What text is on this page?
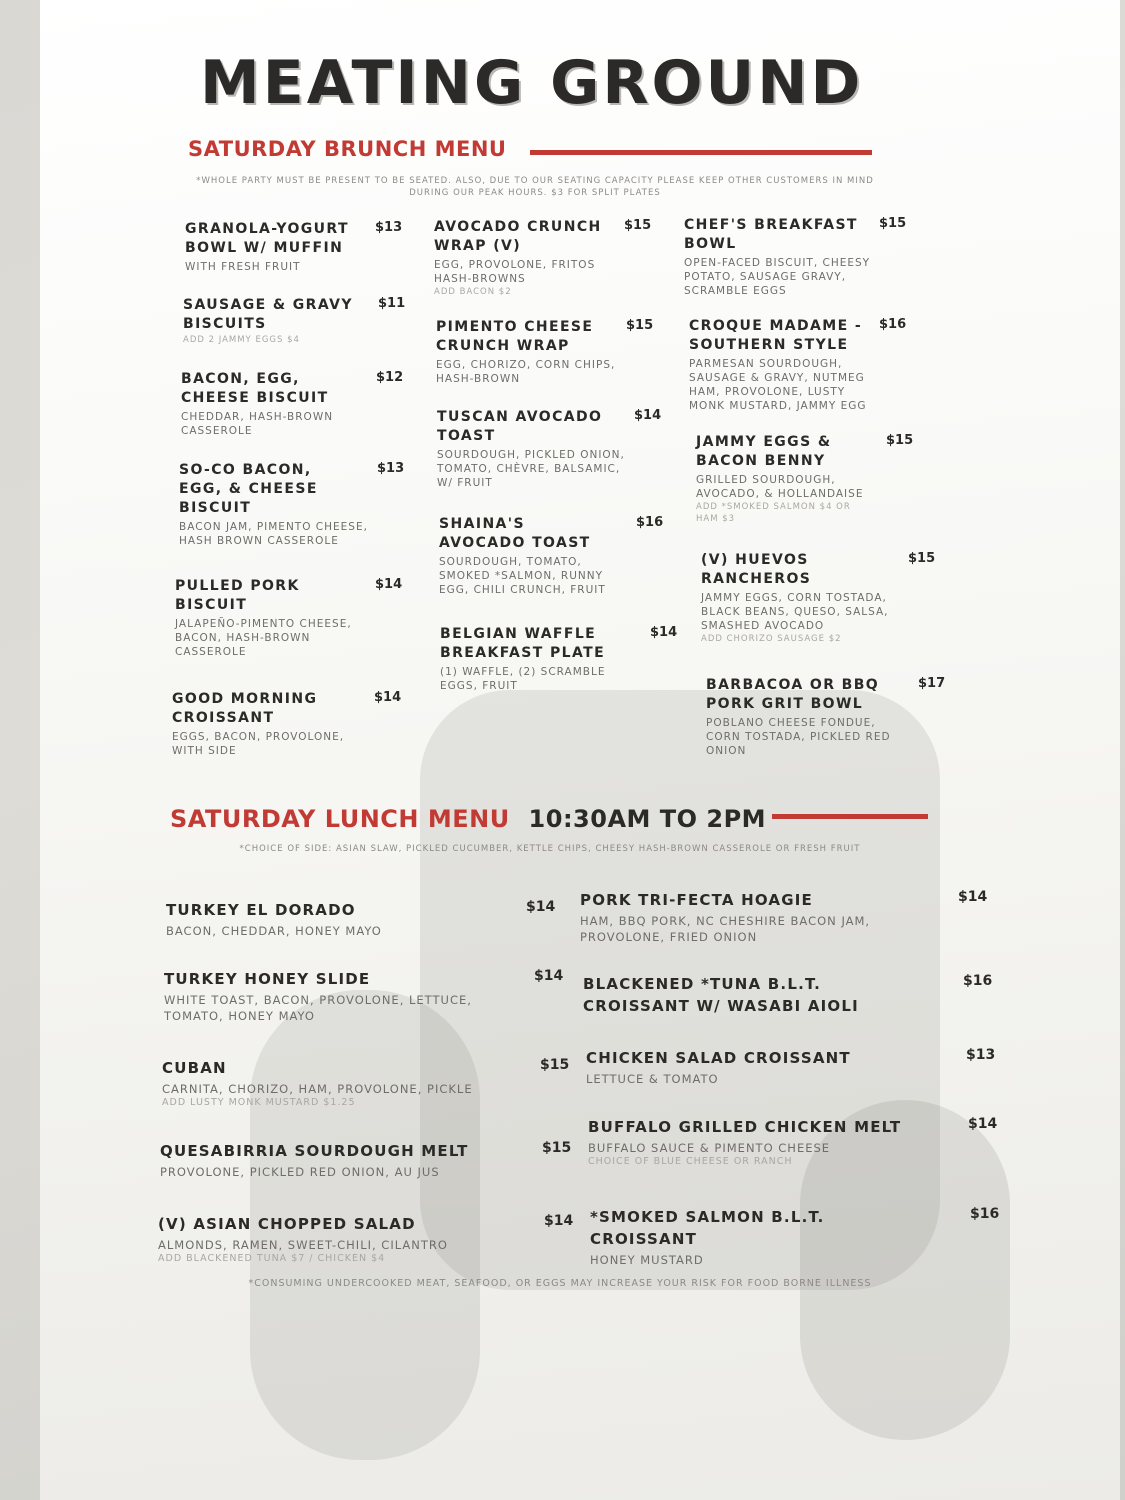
MEATING GROUND
SATURDAY BRUNCH MENU

*WHOLE PARTY MUST BE PRESENT TO BE SEATED. ALSO, DUE TO OUR SEATING CAPACITY PLEASE KEEP OTHER CUSTOMERS IN MIND
DURING OUR PEAK HOURS. $3 FOR SPLIT PLATES

GRANOLA-YOGURT
BOWL W/ MUFFIN
$13
WITH FRESH FRUIT
SAUSAGE & GRAVY
BISCUITS
$11
ADD 2 JAMMY EGGS $4
BACON, EGG,
CHEESE BISCUIT
$12
CHEDDAR, HASH-BROWN
CASSEROLE
SO-CO BACON,
EGG, & CHEESE
BISCUIT
$13
BACON JAM, PIMENTO CHEESE,
HASH BROWN CASSEROLE
PULLED PORK
BISCUIT
$14
JALAPEÑO-PIMENTO CHEESE,
BACON, HASH-BROWN
CASSEROLE
GOOD MORNING
CROISSANT
$14
EGGS, BACON, PROVOLONE,
WITH SIDE
AVOCADO CRUNCH
WRAP (V)
$15
EGG, PROVOLONE, FRITOS
HASH-BROWNS
ADD BACON $2
PIMENTO CHEESE
CRUNCH WRAP
$15
EGG, CHORIZO, CORN CHIPS,
HASH-BROWN
TUSCAN AVOCADO
TOAST
$14
SOURDOUGH, PICKLED ONION,
TOMATO, CHÈVRE, BALSAMIC,
W/ FRUIT
SHAINA'S
AVOCADO TOAST
$16
SOURDOUGH, TOMATO,
SMOKED *SALMON, RUNNY
EGG, CHILI CRUNCH, FRUIT
BELGIAN WAFFLE
BREAKFAST PLATE
$14
(1) WAFFLE, (2) SCRAMBLE
EGGS, FRUIT
CHEF'S BREAKFAST
BOWL
$15
OPEN-FACED BISCUIT, CHEESY
POTATO, SAUSAGE GRAVY,
SCRAMBLE EGGS
CROQUE MADAME -
SOUTHERN STYLE
$16
PARMESAN SOURDOUGH,
SAUSAGE & GRAVY, NUTMEG
HAM, PROVOLONE, LUSTY
MONK MUSTARD, JAMMY EGG
JAMMY EGGS &
BACON BENNY
$15
GRILLED SOURDOUGH,
AVOCADO, & HOLLANDAISE
ADD *SMOKED SALMON $4 OR
HAM $3
(V) HUEVOS
RANCHEROS
$15
JAMMY EGGS, CORN TOSTADA,
BLACK BEANS, QUESO, SALSA,
SMASHED AVOCADO
ADD CHORIZO SAUSAGE $2
BARBACOA OR BBQ
PORK GRIT BOWL
$17
POBLANO CHEESE FONDUE,
CORN TOSTADA, PICKLED RED
ONION
SATURDAY LUNCH MENU 10:30AM TO 2PM

*CHOICE OF SIDE: ASIAN SLAW, PICKLED CUCUMBER, KETTLE CHIPS, CHEESY HASH-BROWN CASSEROLE OR FRESH FRUIT

TURKEY EL DORADO	$14
BACON, CHEDDAR, HONEY MAYO
TURKEY HONEY SLIDE	$14
WHITE TOAST, BACON, PROVOLONE, LETTUCE,
TOMATO, HONEY MAYO
CUBAN	$15
CARNITA, CHORIZO, HAM, PROVOLONE, PICKLE
ADD LUSTY MONK MUSTARD $1.25
QUESABIRRIA SOURDOUGH MELT	$15
PROVOLONE, PICKLED RED ONION, AU JUS
(V) ASIAN CHOPPED SALAD	$14
ALMONDS, RAMEN, SWEET-CHILI, CILANTRO
ADD BLACKENED TUNA $7 / CHICKEN $4
PORK TRI-FECTA HOAGIE	$14
HAM, BBQ PORK, NC CHESHIRE BACON JAM,
PROVOLONE, FRIED ONION
BLACKENED *TUNA B.L.T.
CROISSANT W/ WASABI AIOLI
$16
CHICKEN SALAD CROISSANT	$13
LETTUCE & TOMATO
BUFFALO GRILLED CHICKEN MELT	$14
BUFFALO SAUCE & PIMENTO CHEESE
CHOICE OF BLUE CHEESE OR RANCH
*SMOKED SALMON B.L.T.
CROISSANT
$16
HONEY MUSTARD

*CONSUMING UNDERCOOKED MEAT, SEAFOOD, OR EGGS MAY INCREASE YOUR RISK FOR FOOD BORNE ILLNESS
